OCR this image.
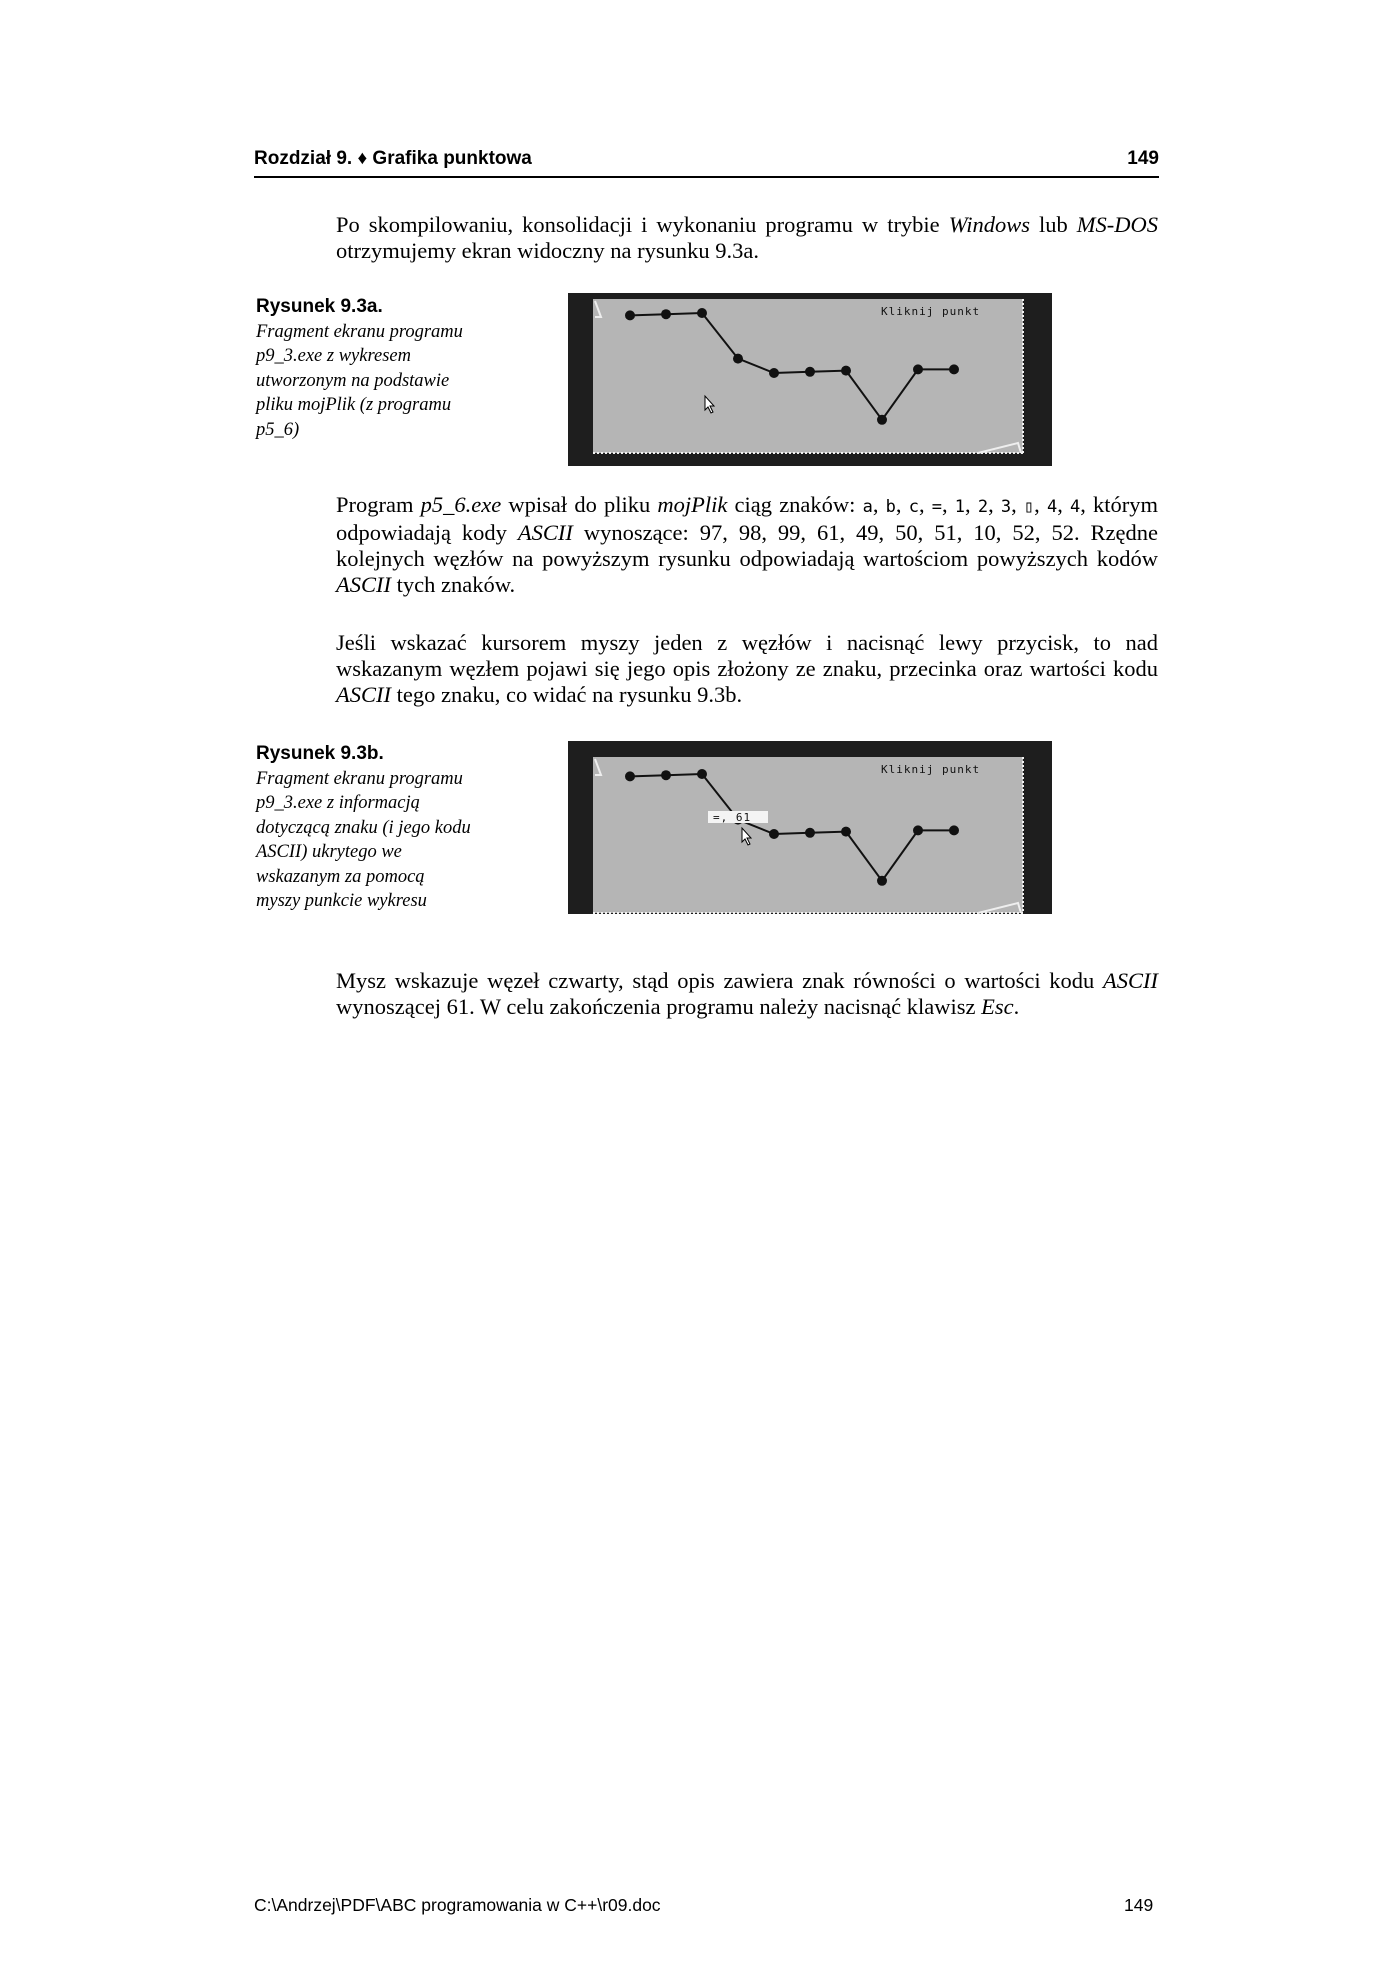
Rozdział 9. ♦ Grafika punktowa	149
Po skompilowaniu, konsolidacji i wykonaniu programu w trybie Windows lub MS-DOS otrzymujemy ekran widoczny na rysunku 9.3a.
Rysunek 9.3a.
Fragment ekranu programu p9_3.exe z wykresem utworzonym na podstawie pliku mojPlik (z programu p5_6)
Kliknij punkt
Program p5_6.exe wpisał do pliku mojPlik ciąg znaków: a, b, c, =, 1, 2, 3, ▯, 4, 4, którym odpowiadają kody ASCII wynoszące: 97, 98, 99, 61, 49, 50, 51, 10, 52, 52. Rzędne kolejnych węzłów na powyższym rysunku odpowiadają wartościom powyższych kodów ASCII tych znaków.
Jeśli wskazać kursorem myszy jeden z węzłów i nacisnąć lewy przycisk, to nad wskazanym węzłem pojawi się jego opis złożony ze znaku, przecinka oraz wartości kodu ASCII tego znaku, co widać na rysunku 9.3b.
Rysunek 9.3b.
Fragment ekranu programu p9_3.exe z informacją dotyczącą znaku (i jego kodu ASCII) ukrytego we wskazanym za pomocą myszy punkcie wykresu
Kliknij punkt
=, 61
Mysz wskazuje węzeł czwarty, stąd opis zawiera znak równości o wartości kodu ASCII wynoszącej 61. W celu zakończenia programu należy nacisnąć klawisz Esc.
C:\Andrzej\PDF\ABC programowania w C++\r09.doc	149
